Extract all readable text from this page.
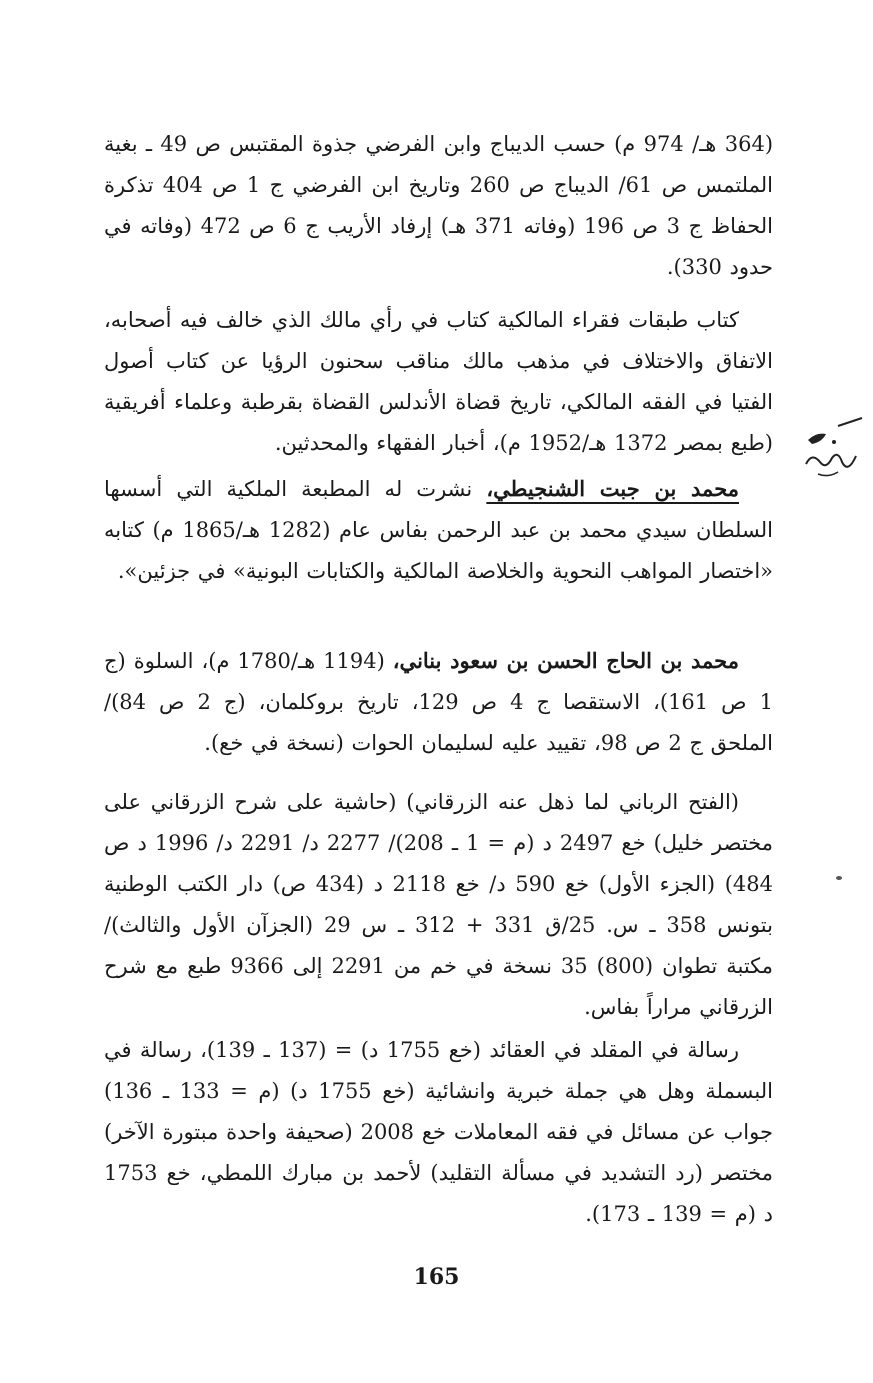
(364 هـ/ 974 م) حسب الديباج وابن الفرضي جذوة المقتبس ص 49 ـ بغية الملتمس ص 61/ الديباج ص 260 وتاريخ ابن الفرضي ج 1 ص 404 تذكرة الحفاظ ج 3 ص 196 (وفاته 371 هـ) إرفاد الأريب ج 6 ص 472 (وفاته في حدود 330).

كتاب طبقات فقراء المالكية كتاب في رأي مالك الذي خالف فيه أصحابه، الاتفاق والاختلاف في مذهب مالك مناقب سحنون الرؤيا عن كتاب أصول الفتيا في الفقه المالكي، تاريخ قضاة الأندلس القضاة بقرطبة وعلماء أفريقية (طبع بمصر 1372 هـ/1952 م)، أخبار الفقهاء والمحدثين.

محمد بن جبت الشنجيطي، نشرت له المطبعة الملكية التي أسسها السلطان سيدي محمد بن عبد الرحمن بفاس عام (1282 هـ/1865 م) كتابه «اختصار المواهب النحوية والخلاصة المالكية والكتابات البونية» في جزئين».

محمد بن الحاج الحسن بن سعود بناني، (1194 هـ/1780 م)، السلوة (ج 1 ص 161)، الاستقصا ج 4 ص 129، تاريخ بروكلمان، (ج 2 ص 84)/ الملحق ج 2 ص 98، تقييد عليه لسليمان الحوات (نسخة في خع).

(الفتح الرباني لما ذهل عنه الزرقاني) (حاشية على شرح الزرقاني على مختصر خليل) خع 2497 د (م = 1 ـ 208)/ 2277 د/ 2291 د/ 1996 د ص 484) (الجزء الأول) خع 590 د/ خع 2118 د (434 ص) دار الكتب الوطنية بتونس 358 ـ س. 25/ق 331 + 312 ـ س 29 (الجزآن الأول والثالث)/ مكتبة تطوان (800) 35 نسخة في خم من 2291 إلى 9366 طبع مع شرح الزرقاني مراراً بفاس.

رسالة في المقلد في العقائد (خع 1755 د) = (137 ـ 139)، رسالة في البسملة وهل هي جملة خبرية وانشائية (خع 1755 د) (م = 133 ـ 136) جواب عن مسائل في فقه المعاملات خع 2008 (صحيفة واحدة مبتورة الآخر) مختصر (رد التشديد في مسألة التقليد) لأحمد بن مبارك اللمطي، خع 1753 د (م = 139 ـ 173).

165
